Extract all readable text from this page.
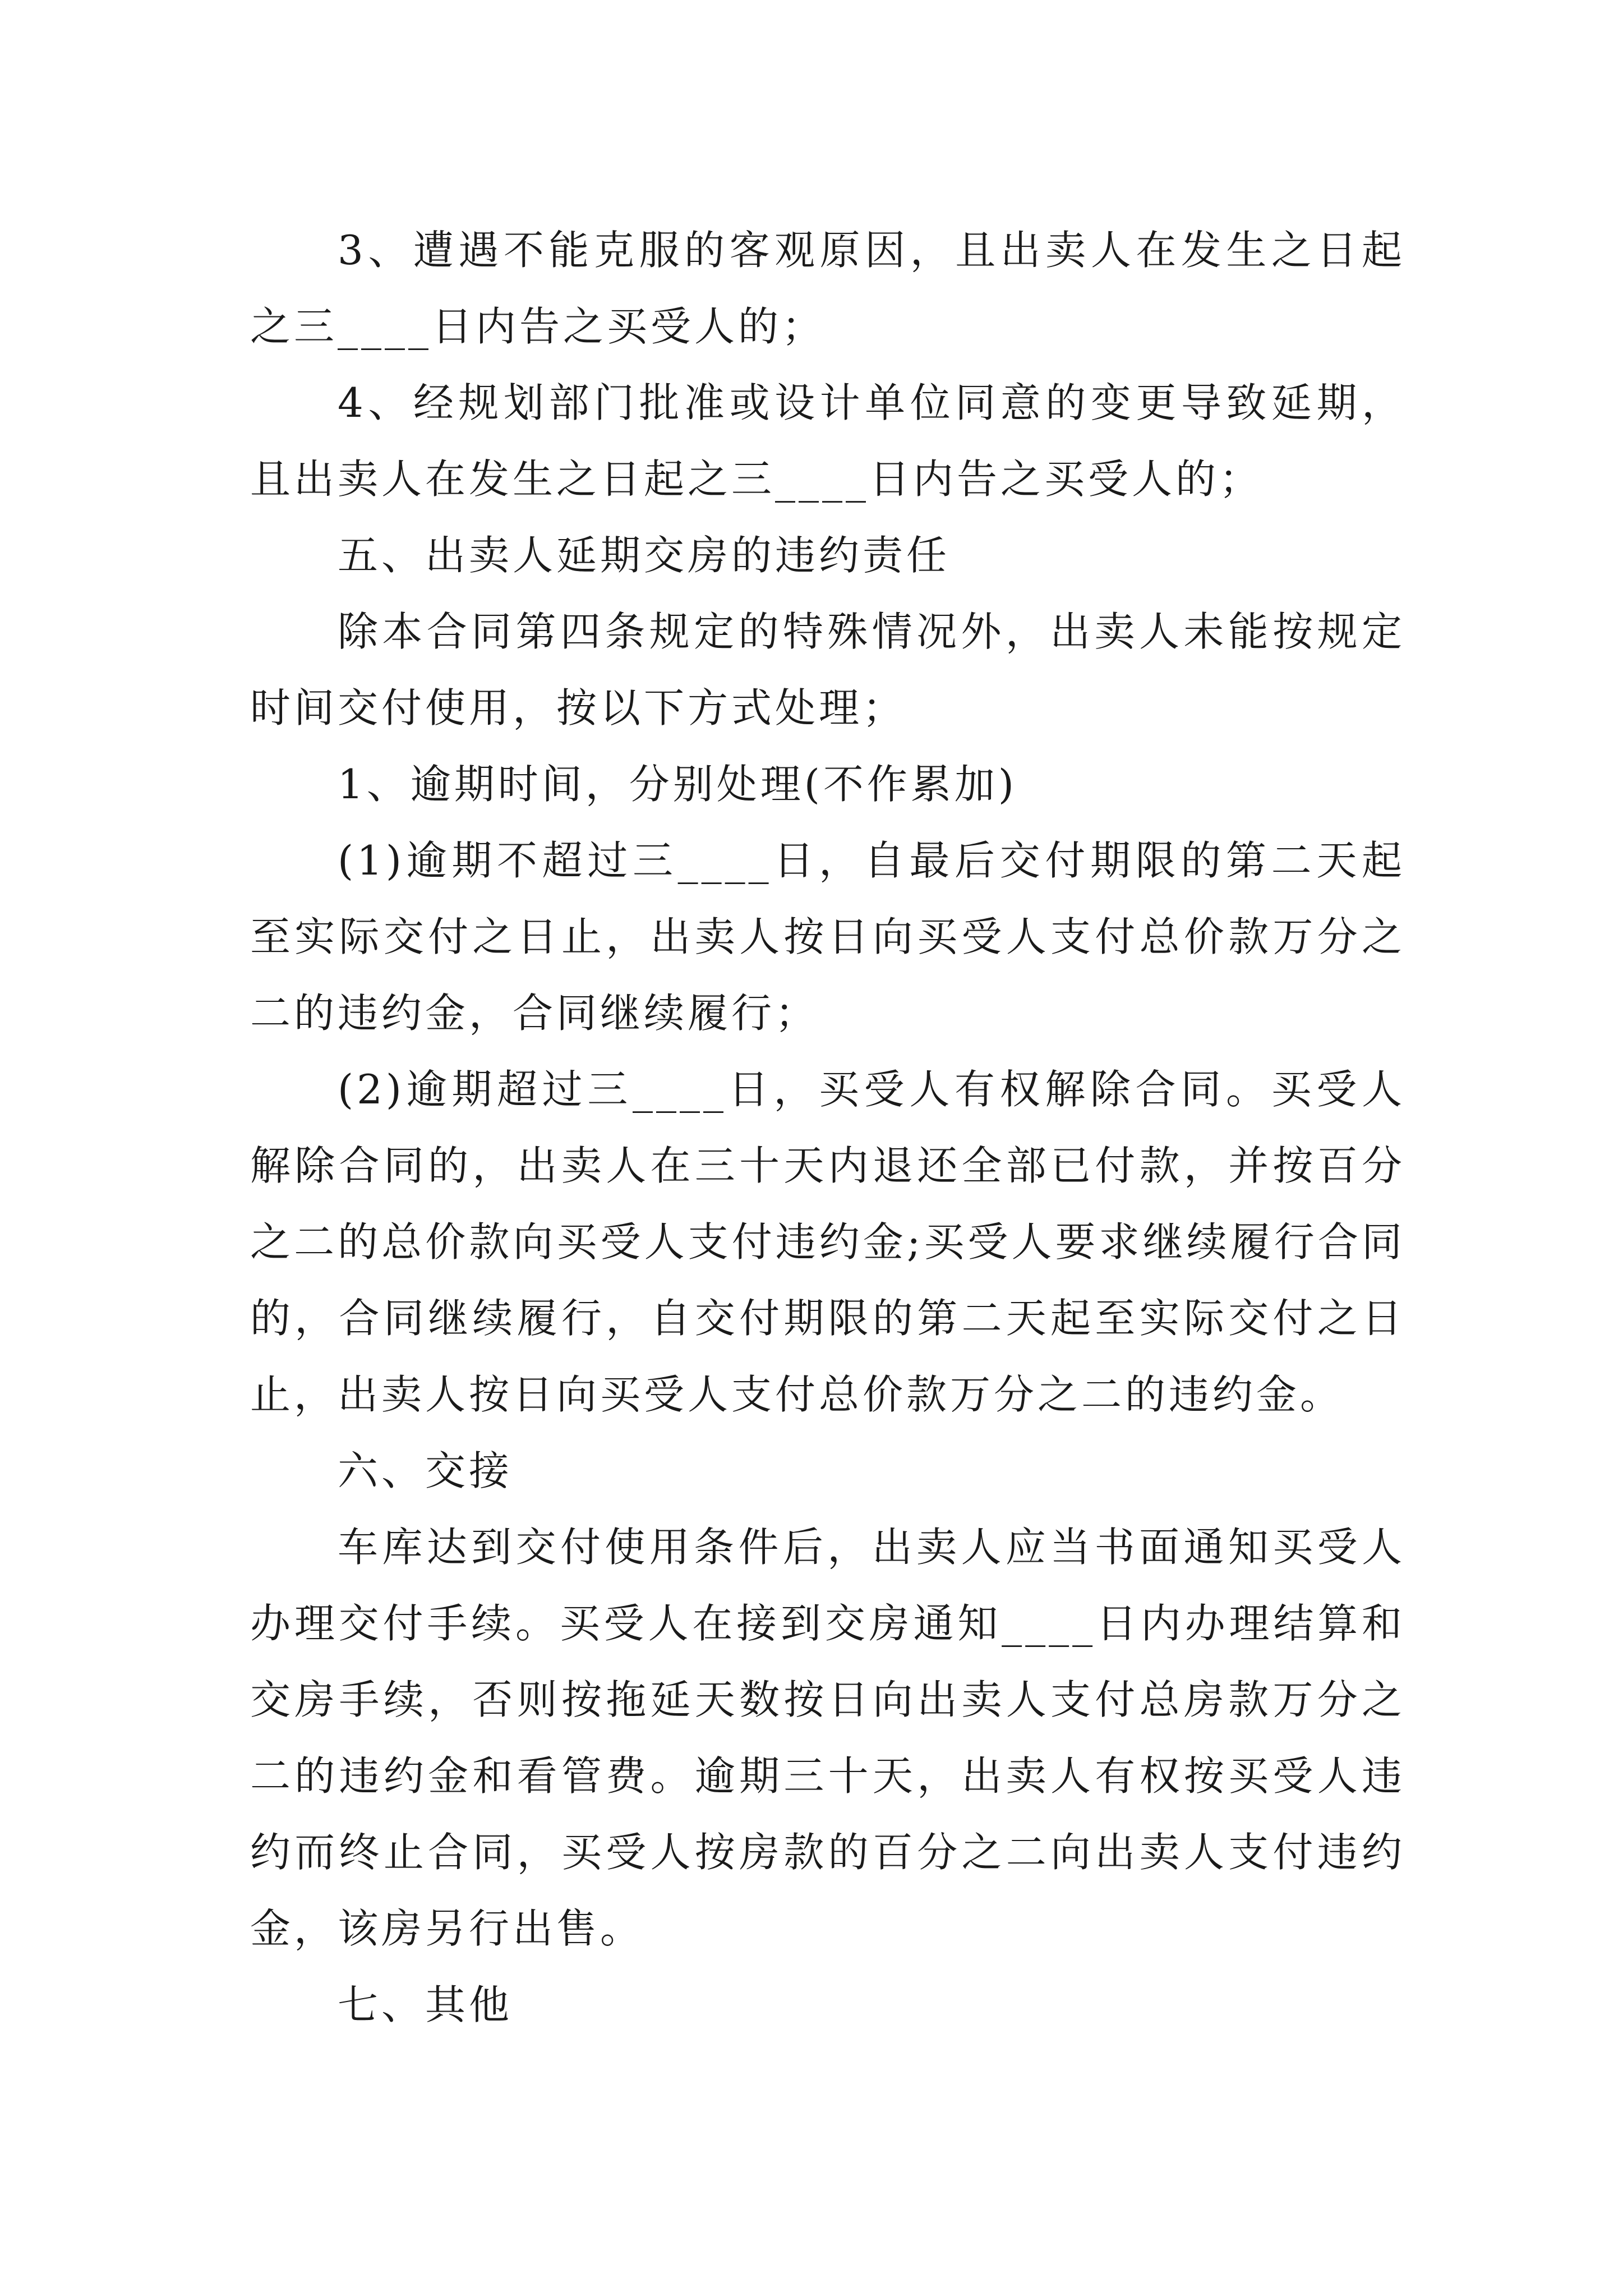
3、遭遇不能克服的客观原因，且出卖人在发生之日起之三____日内告之买受人的；

4、经规划部门批准或设计单位同意的变更导致延期，且出卖人在发生之日起之三____日内告之买受人的；

五、出卖人延期交房的违约责任

除本合同第四条规定的特殊情况外，出卖人未能按规定时间交付使用，按以下方式处理；

1、逾期时间，分别处理(不作累加)

(1)逾期不超过三____日，自最后交付期限的第二天起至实际交付之日止，出卖人按日向买受人支付总价款万分之二的违约金，合同继续履行；

(2)逾期超过三____日，买受人有权解除合同。买受人解除合同的，出卖人在三十天内退还全部已付款，并按百分之二的总价款向买受人支付违约金;买受人要求继续履行合同的，合同继续履行，自交付期限的第二天起至实际交付之日止，出卖人按日向买受人支付总价款万分之二的违约金。

六、交接

车库达到交付使用条件后，出卖人应当书面通知买受人办理交付手续。买受人在接到交房通知____日内办理结算和交房手续，否则按拖延天数按日向出卖人支付总房款万分之二的违约金和看管费。逾期三十天，出卖人有权按买受人违约而终止合同，买受人按房款的百分之二向出卖人支付违约金，该房另行出售。

七、其他
